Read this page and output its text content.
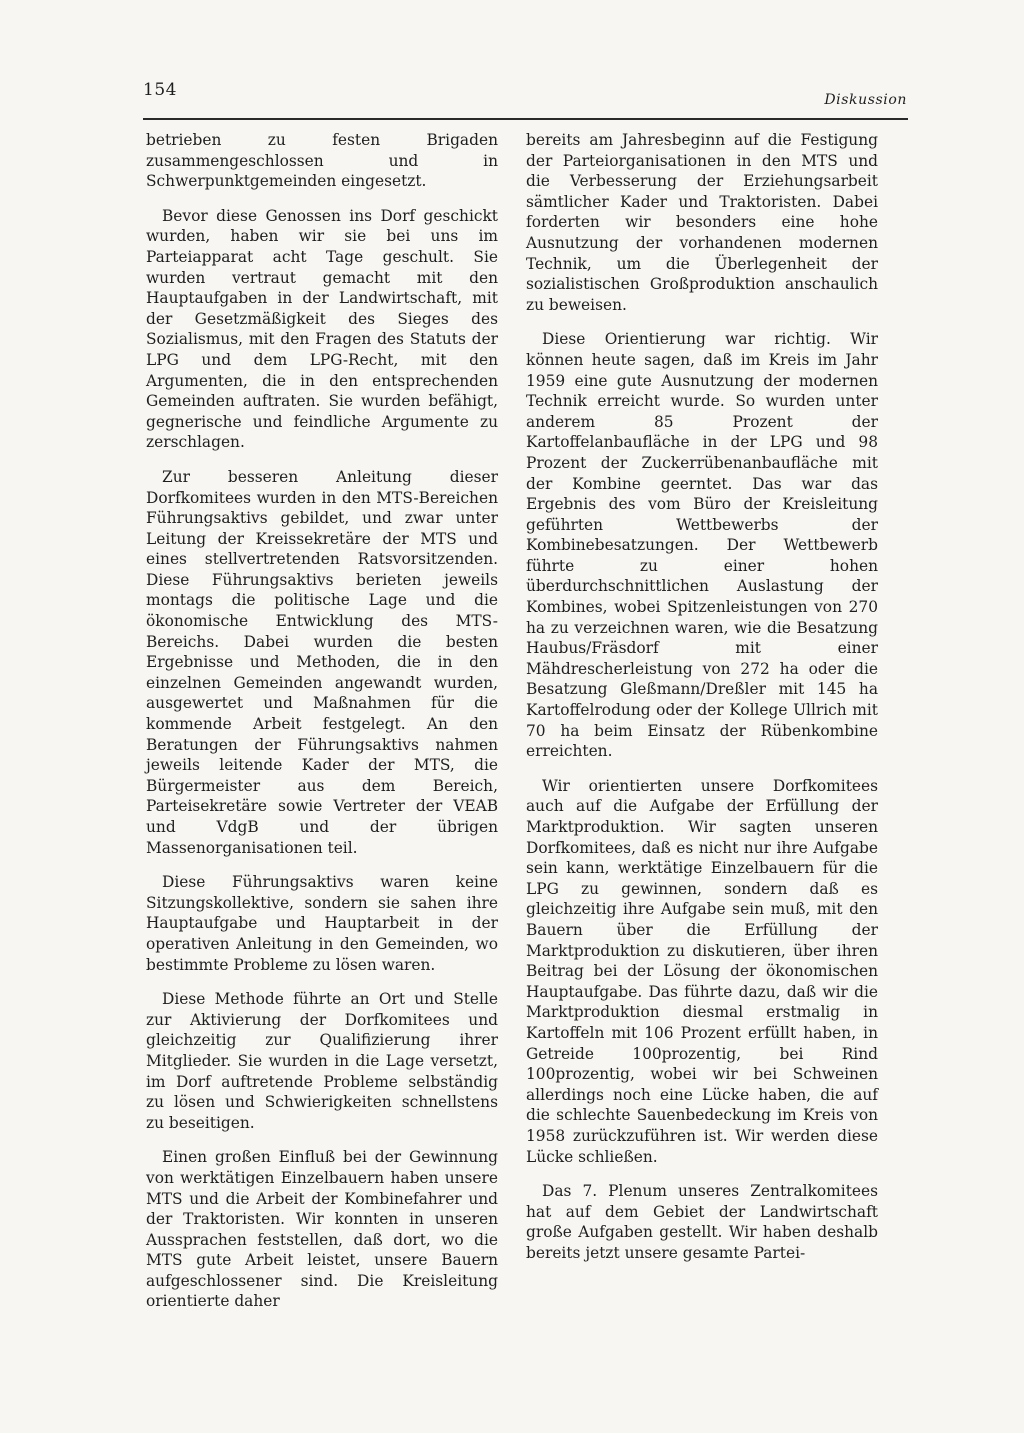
154	Diskussion

betrieben zu festen Brigaden zusammengeschlossen und in Schwerpunktgemeinden eingesetzt.

Bevor diese Genossen ins Dorf geschickt wurden, haben wir sie bei uns im Parteiapparat acht Tage geschult. Sie wurden vertraut gemacht mit den Hauptaufgaben in der Landwirtschaft, mit der Gesetzmäßigkeit des Sieges des Sozialismus, mit den Fragen des Statuts der LPG und dem LPG-Recht, mit den Argumenten, die in den entsprechenden Gemeinden auftraten. Sie wurden befähigt, gegnerische und feindliche Argumente zu zerschlagen.

Zur besseren Anleitung dieser Dorfkomitees wurden in den MTS-Bereichen Führungsaktivs gebildet, und zwar unter Leitung der Kreissekretäre der MTS und eines stellvertretenden Ratsvorsitzenden. Diese Führungsaktivs berieten jeweils montags die politische Lage und die ökonomische Entwicklung des MTS-Bereichs. Dabei wurden die besten Ergebnisse und Methoden, die in den einzelnen Gemeinden angewandt wurden, ausgewertet und Maßnahmen für die kommende Arbeit festgelegt. An den Beratungen der Führungsaktivs nahmen jeweils leitende Kader der MTS, die Bürgermeister aus dem Bereich, Parteisekretäre sowie Vertreter der VEAB und VdgB und der übrigen Massenorganisationen teil.

Diese Führungsaktivs waren keine Sitzungskollektive, sondern sie sahen ihre Hauptaufgabe und Hauptarbeit in der operativen Anleitung in den Gemeinden, wo bestimmte Probleme zu lösen waren.

Diese Methode führte an Ort und Stelle zur Aktivierung der Dorfkomitees und gleichzeitig zur Qualifizierung ihrer Mitglieder. Sie wurden in die Lage versetzt, im Dorf auftretende Probleme selbständig zu lösen und Schwierigkeiten schnellstens zu beseitigen.

Einen großen Einfluß bei der Gewinnung von werktätigen Einzelbauern haben unsere MTS und die Arbeit der Kombinefahrer und der Traktoristen. Wir konnten in unseren Aussprachen feststellen, daß dort, wo die MTS gute Arbeit leistet, unsere Bauern aufgeschlossener sind. Die Kreisleitung orientierte daher

bereits am Jahresbeginn auf die Festigung der Parteiorganisationen in den MTS und die Verbesserung der Erziehungsarbeit sämtlicher Kader und Traktoristen. Dabei forderten wir besonders eine hohe Ausnutzung der vorhandenen modernen Technik, um die Überlegenheit der sozialistischen Großproduktion anschaulich zu beweisen.

Diese Orientierung war richtig. Wir können heute sagen, daß im Kreis im Jahr 1959 eine gute Ausnutzung der modernen Technik erreicht wurde. So wurden unter anderem 85 Prozent der Kartoffelanbaufläche in der LPG und 98 Prozent der Zuckerrübenanbaufläche mit der Kombine geerntet. Das war das Ergebnis des vom Büro der Kreisleitung geführten Wettbewerbs der Kombinebesatzungen. Der Wettbewerb führte zu einer hohen überdurchschnittlichen Auslastung der Kombines, wobei Spitzenleistungen von 270 ha zu verzeichnen waren, wie die Besatzung Haubus/Fräsdorf mit einer Mähdrescherleistung von 272 ha oder die Besatzung Gleßmann/Dreßler mit 145 ha Kartoffelrodung oder der Kollege Ullrich mit 70 ha beim Einsatz der Rübenkombine erreichten.

Wir orientierten unsere Dorfkomitees auch auf die Aufgabe der Erfüllung der Marktproduktion. Wir sagten unseren Dorfkomitees, daß es nicht nur ihre Aufgabe sein kann, werktätige Einzelbauern für die LPG zu gewinnen, sondern daß es gleichzeitig ihre Aufgabe sein muß, mit den Bauern über die Erfüllung der Marktproduktion zu diskutieren, über ihren Beitrag bei der Lösung der ökonomischen Hauptaufgabe. Das führte dazu, daß wir die Marktproduktion diesmal erstmalig in Kartoffeln mit 106 Prozent erfüllt haben, in Getreide 100prozentig, bei Rind 100prozentig, wobei wir bei Schweinen allerdings noch eine Lücke haben, die auf die schlechte Sauenbedeckung im Kreis von 1958 zurückzuführen ist. Wir werden diese Lücke schließen.

Das 7. Plenum unseres Zentralkomitees hat auf dem Gebiet der Landwirtschaft große Aufgaben gestellt. Wir haben deshalb bereits jetzt unsere gesamte Partei-
